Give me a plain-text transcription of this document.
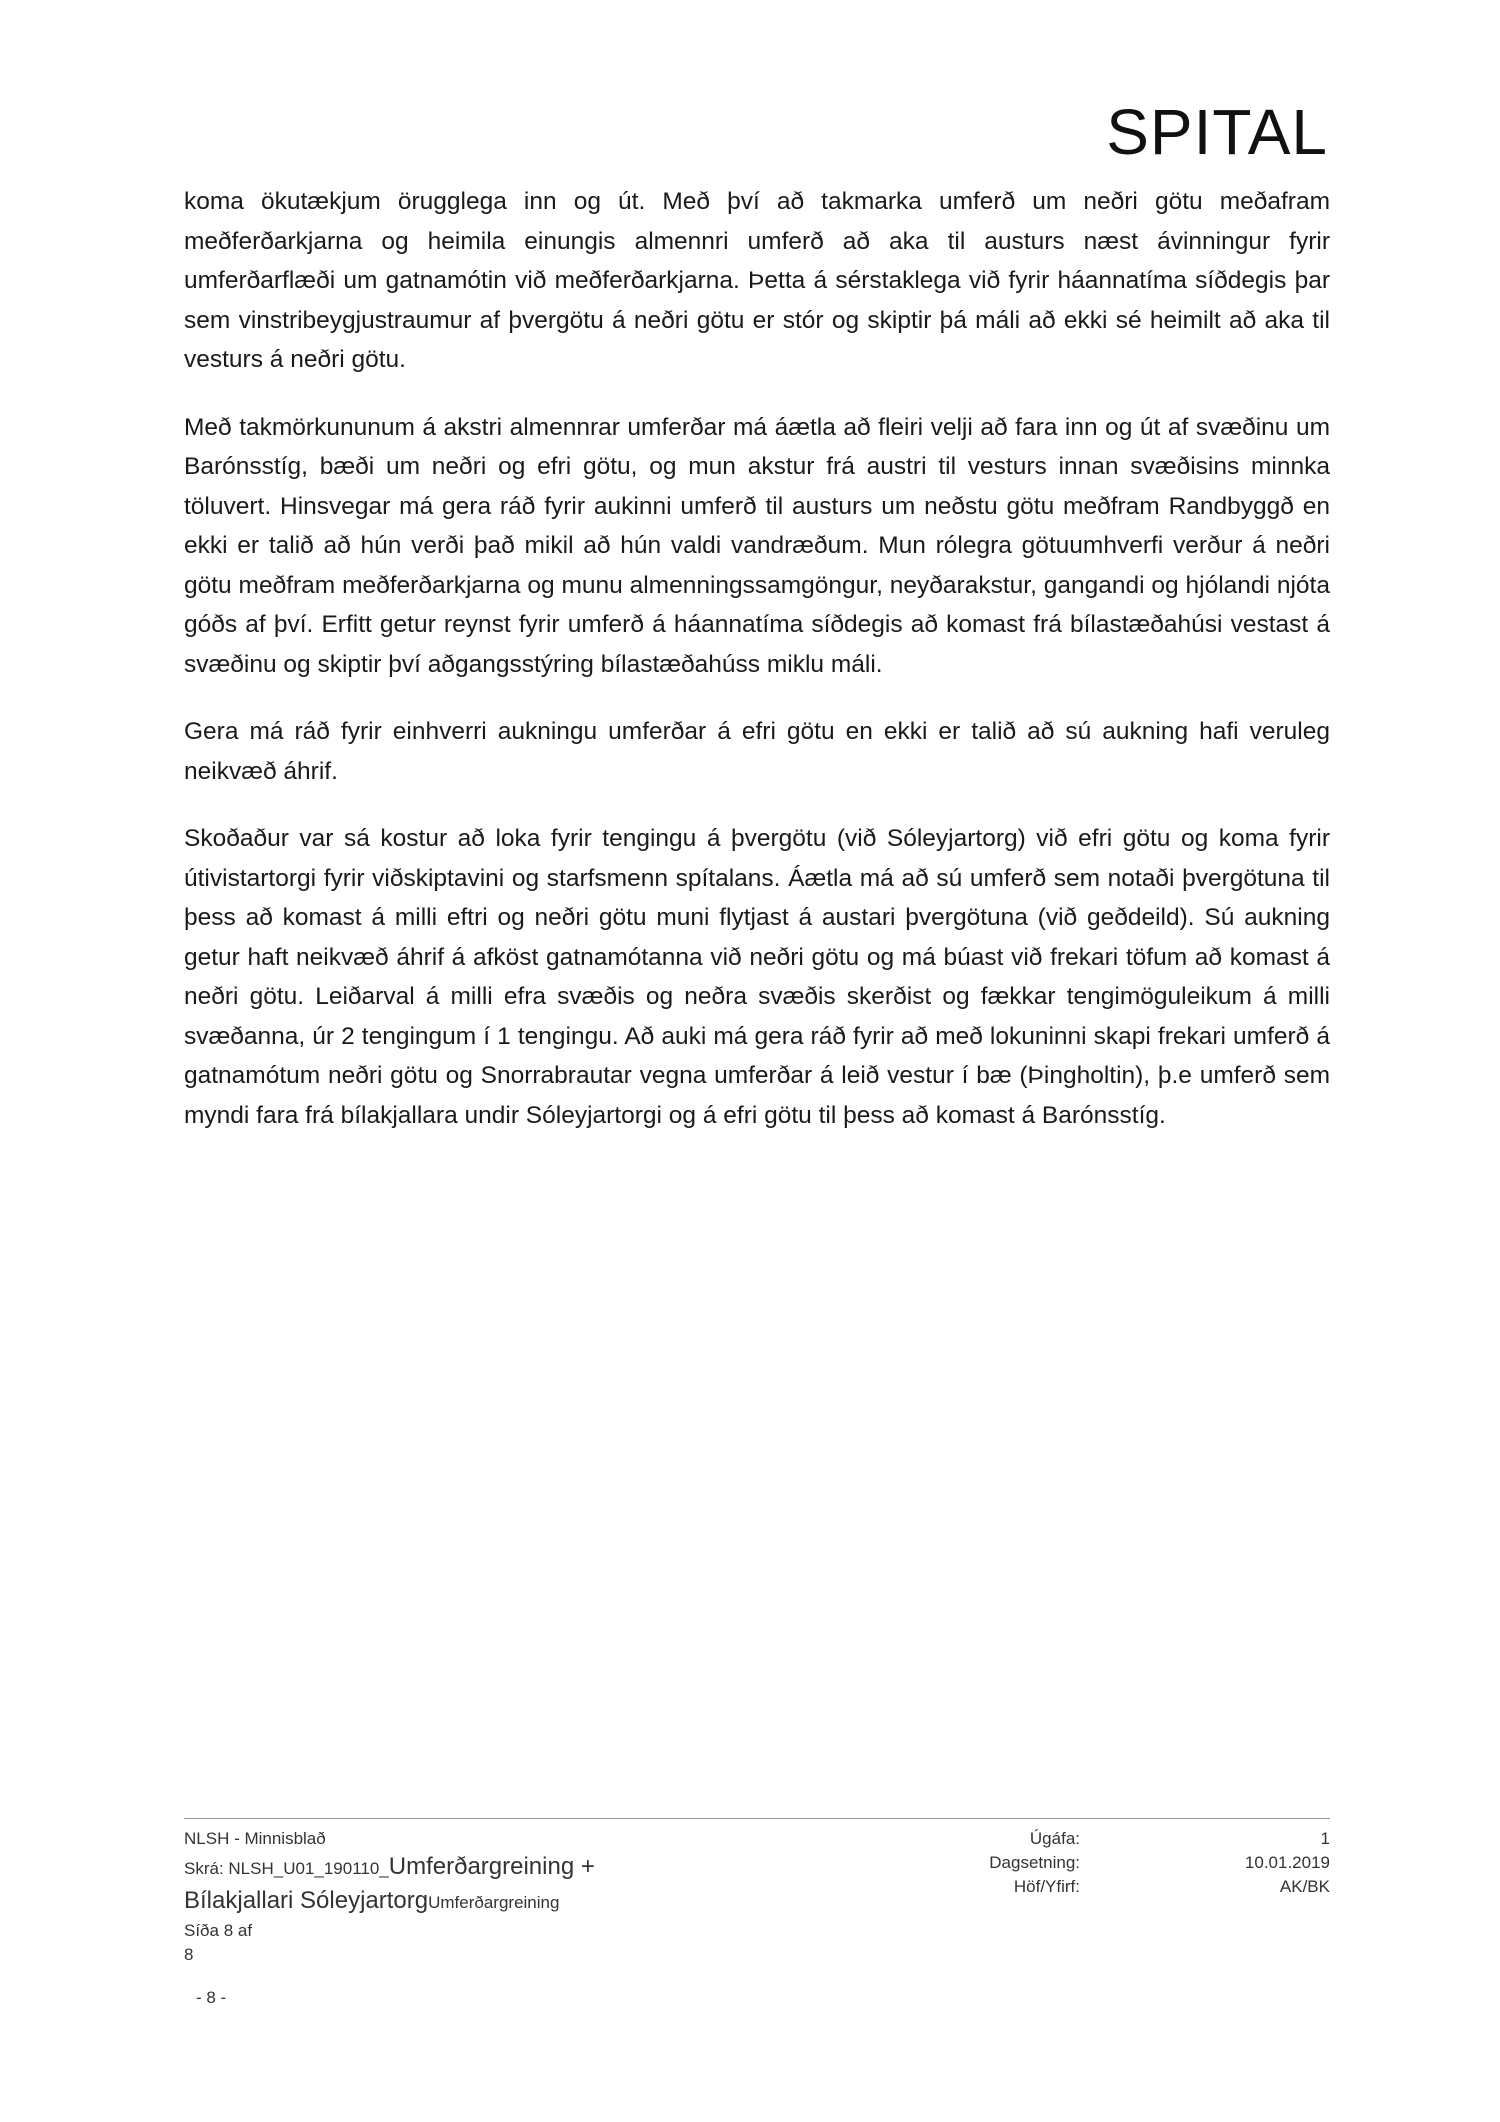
SPITAL

koma ökutækjum örugglega inn og út. Með því að takmarka umferð um neðri götu meðafram meðferðarkjarna og heimila einungis almennri umferð að aka til austurs næst ávinningur fyrir umferðarflæði um gatnamótin við meðferðarkjarna. Þetta á sérstaklega við fyrir háannatíma síðdegis þar sem vinstribeygjustraumur af þvergötu á neðri götu er stór og skiptir þá máli að ekki sé heimilt að aka til vesturs á neðri götu.

Með takmörkununum á akstri almennrar umferðar má áætla að fleiri velji að fara inn og út af svæðinu um Barónsstíg, bæði um neðri og efri götu, og mun akstur frá austri til vesturs innan svæðisins minnka töluvert. Hinsvegar má gera ráð fyrir aukinni umferð til austurs um neðstu götu meðfram Randbyggð en ekki er talið að hún verði það mikil að hún valdi vandræðum. Mun rólegra götuumhverfi verður á neðri götu meðfram meðferðarkjarna og munu almenningssamgöngur, neyðarakstur, gangandi og hjólandi njóta góðs af því. Erfitt getur reynst fyrir umferð á háannatíma síðdegis að komast frá bílastæðahúsi vestast á svæðinu og skiptir því aðgangsstýring bílastæðahúss miklu máli.

Gera má ráð fyrir einhverri aukningu umferðar á efri götu en ekki er talið að sú aukning hafi veruleg neikvæð áhrif.

Skoðaður var sá kostur að loka fyrir tengingu á þvergötu (við Sóleyjartorg) við efri götu og koma fyrir útivistartorgi fyrir viðskiptavini og starfsmenn spítalans. Áætla má að sú umferð sem notaði þvergötuna til þess að komast á milli eftri og neðri götu muni flytjast á austari þvergötuna (við geðdeild). Sú aukning getur haft neikvæð áhrif á afköst gatnamótanna við neðri götu og má búast við frekari töfum að komast á neðri götu. Leiðarval á milli efra svæðis og neðra svæðis skerðist og fækkar tengimöguleikum á milli svæðanna, úr 2 tengingum í 1 tengingu. Að auki má gera ráð fyrir að með lokuninni skapi frekari umferð á gatnamótum neðri götu og Snorrabrautar vegna umferðar á leið vestur í bæ (Þingholtin), þ.e umferð sem myndi fara frá bílakjallara undir Sóleyjartorgi og á efri götu til þess að komast á Barónsstíg.

NLSH - Minnisblað
Skrá: NLSH_U01_190110_Umferðargreining +
Bílakjallari SóleyjartorgUmferðargreining
Síða 8 af
8
Úgáfa:	1
Dagsetning:	10.01.2019
Höf/Yfirf:	AK/BK
- 8 -
